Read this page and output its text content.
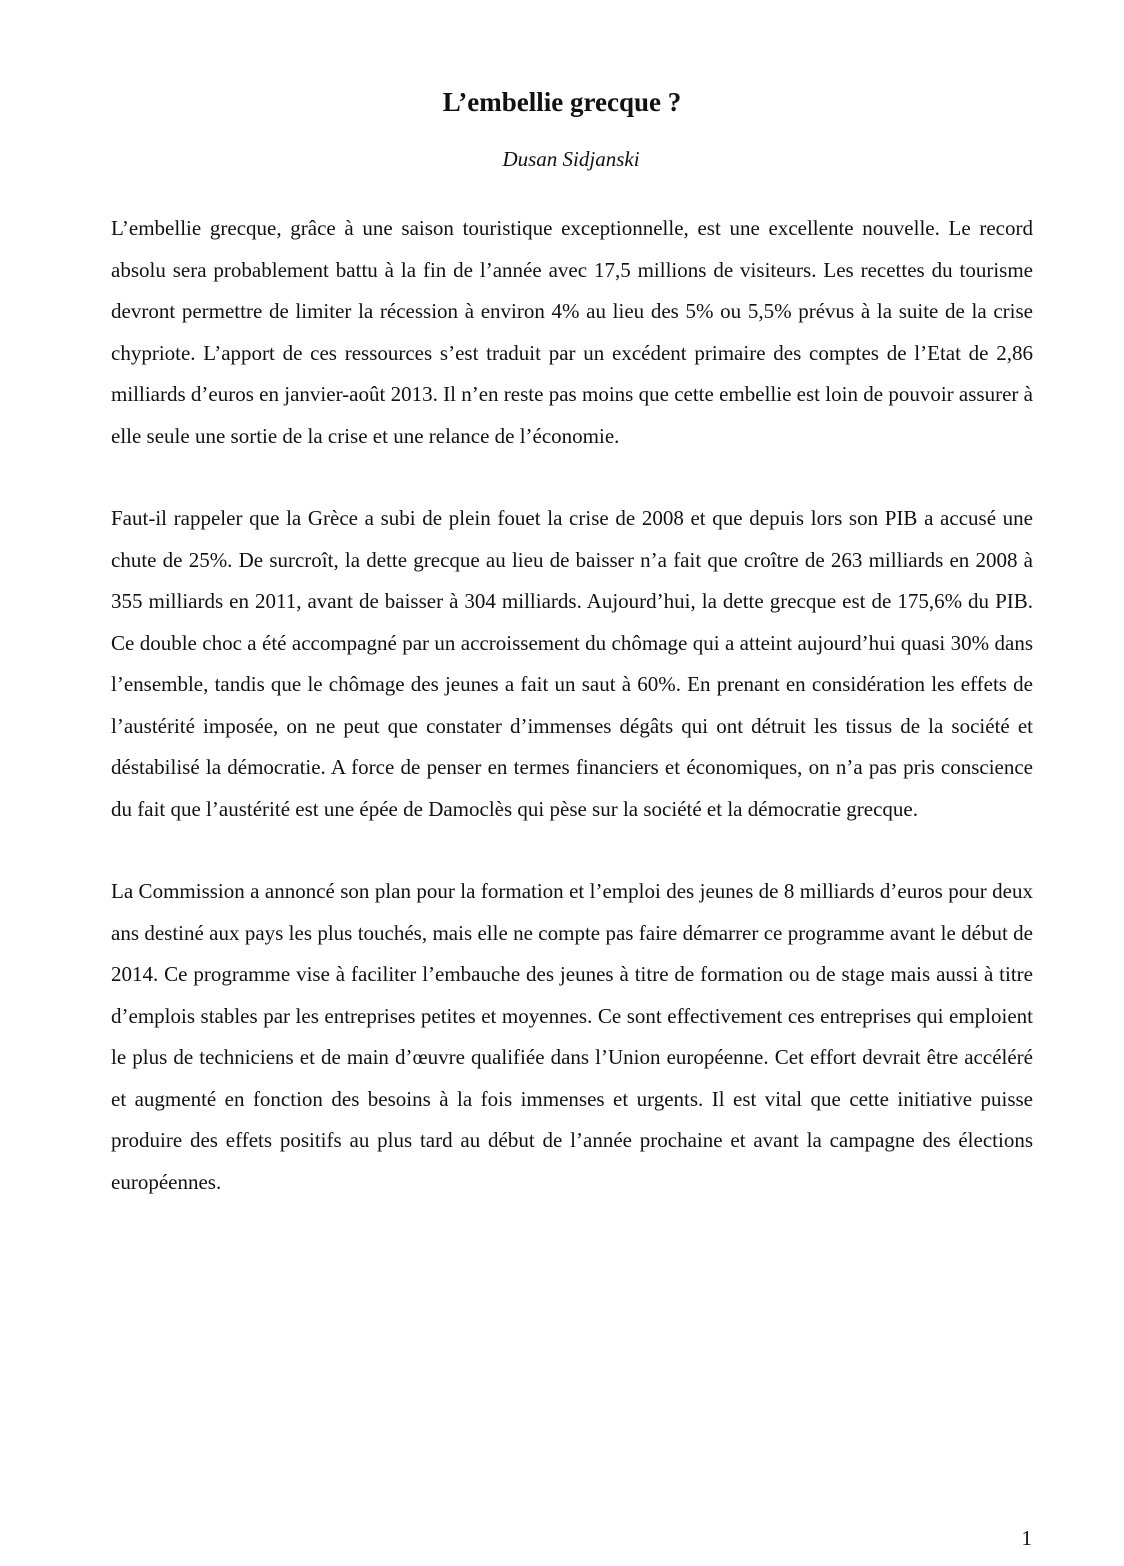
L’embellie grecque ?

Dusan Sidjanski

L’embellie grecque, grâce à une saison touristique exceptionnelle, est une excellente nouvelle. Le record absolu sera probablement battu à la fin de l’année avec 17,5 millions de visiteurs. Les recettes du tourisme devront permettre de limiter la récession à environ 4% au lieu des 5% ou 5,5% prévus à la suite de la crise chypriote. L’apport de ces ressources s’est traduit par un excédent primaire des comptes de l’Etat de 2,86 milliards d’euros en janvier-août 2013. Il n’en reste pas moins que cette embellie est loin de pouvoir assurer à elle seule une sortie de la crise et une relance de l’économie.

Faut-il rappeler que la Grèce a subi de plein fouet la crise de 2008 et que depuis lors son PIB a accusé une chute de 25%. De surcroît, la dette grecque au lieu de baisser n’a fait que croître de 263 milliards en 2008 à 355 milliards en 2011, avant de baisser à 304 milliards. Aujourd’hui, la dette grecque est de 175,6% du PIB. Ce double choc a été accompagné par un accroissement du chômage qui a atteint aujourd’hui quasi 30% dans l’ensemble, tandis que le chômage des jeunes a fait un saut à 60%. En prenant en considération les effets de l’austérité imposée, on ne peut que constater d’immenses dégâts qui ont détruit les tissus de la société et déstabilisé la démocratie. A force de penser en termes financiers et économiques, on n’a pas pris conscience du fait que l’austérité est une épée de Damoclès qui pèse sur la société et la démocratie grecque.

La Commission a annoncé son plan pour la formation et l’emploi des jeunes de 8 milliards d’euros pour deux ans destiné aux pays les plus touchés, mais elle ne compte pas faire démarrer ce programme avant le début de 2014. Ce programme vise à faciliter l’embauche des jeunes à titre de formation ou de stage mais aussi à titre d’emplois stables par les entreprises petites et moyennes. Ce sont effectivement ces entreprises qui emploient le plus de techniciens et de main d’œuvre qualifiée dans l’Union européenne. Cet effort devrait être accéléré et augmenté en fonction des besoins à la fois immenses et urgents. Il est vital que cette initiative puisse produire des effets positifs au plus tard au début de l’année prochaine et avant la campagne des élections européennes.

1
